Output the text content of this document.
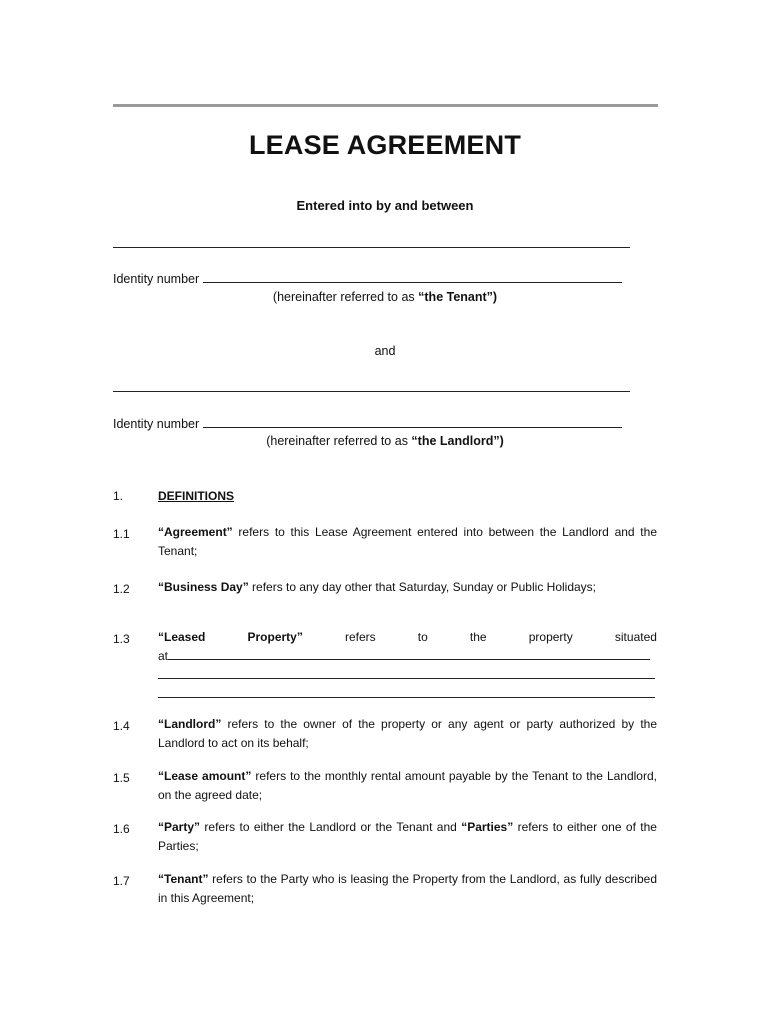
LEASE AGREEMENT
Entered into by and between
Identity number
(hereinafter referred to as “the Tenant”)
and
Identity number
(hereinafter referred to as “the Landlord”)
1.	DEFINITIONS
1.1 “Agreement” refers to this Lease Agreement entered into between the Landlord and the Tenant;
1.2 “Business Day” refers to any day other that Saturday, Sunday or Public Holidays;
1.3 “Leased	Property”	refers	to	the	property	situated
at
1.4 “Landlord” refers to the owner of the property or any agent or party authorized by the Landlord to act on its behalf;
1.5 “Lease amount” refers to the monthly rental amount payable by the Tenant to the Landlord, on the agreed date;
1.6 “Party” refers to either the Landlord or the Tenant and “Parties” refers to either one of the Parties;
1.7 “Tenant” refers to the Party who is leasing the Property from the Landlord, as fully described in this Agreement;
